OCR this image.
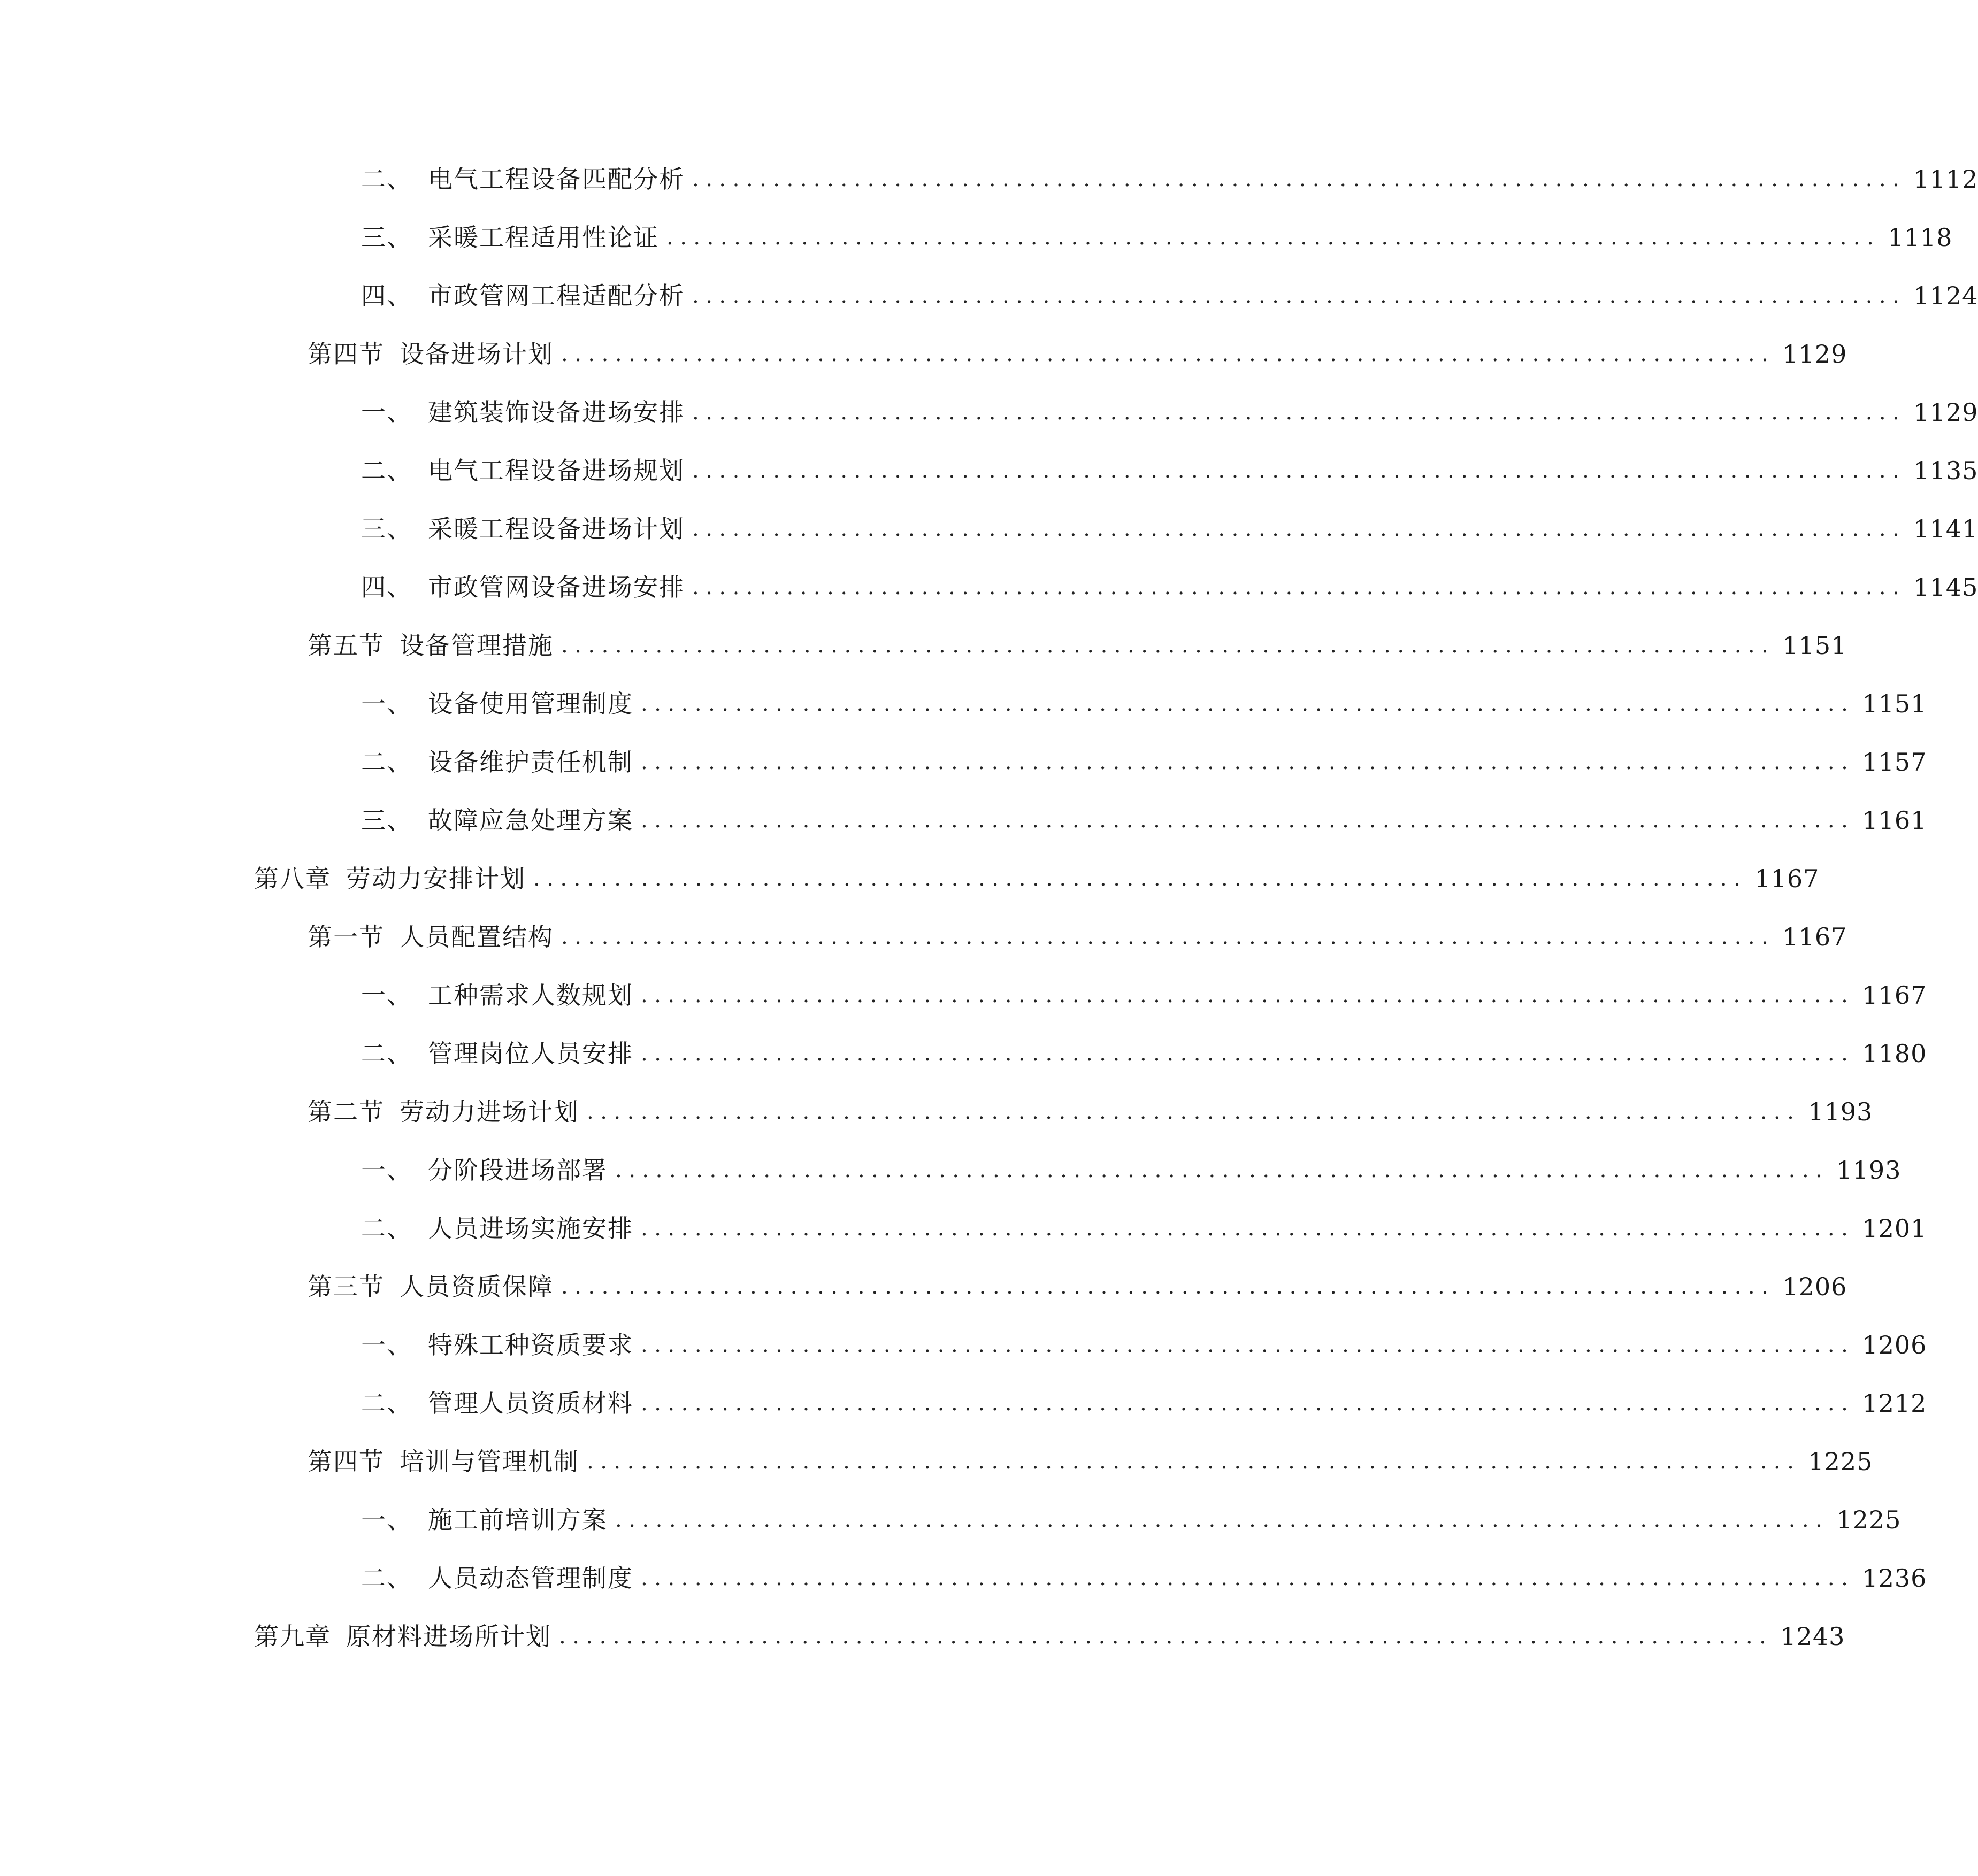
二、 电气工程设备匹配分析 .......................................................................................... 1112
三、 采暖工程适用性论证 .......................................................................................... 1118
四、 市政管网工程适配分析 .......................................................................................... 1124
第四节 设备进场计划 .......................................................................................... 1129
一、 建筑装饰设备进场安排 .......................................................................................... 1129
二、 电气工程设备进场规划 .......................................................................................... 1135
三、 采暖工程设备进场计划 .......................................................................................... 1141
四、 市政管网设备进场安排 .......................................................................................... 1145
第五节 设备管理措施 .......................................................................................... 1151
一、 设备使用管理制度 .......................................................................................... 1151
二、 设备维护责任机制 .......................................................................................... 1157
三、 故障应急处理方案 .......................................................................................... 1161
第八章 劳动力安排计划 .......................................................................................... 1167
第一节 人员配置结构 .......................................................................................... 1167
一、 工种需求人数规划 .......................................................................................... 1167
二、 管理岗位人员安排 .......................................................................................... 1180
第二节 劳动力进场计划 .......................................................................................... 1193
一、 分阶段进场部署 .......................................................................................... 1193
二、 人员进场实施安排 .......................................................................................... 1201
第三节 人员资质保障 .......................................................................................... 1206
一、 特殊工种资质要求 .......................................................................................... 1206
二、 管理人员资质材料 .......................................................................................... 1212
第四节 培训与管理机制 .......................................................................................... 1225
一、 施工前培训方案 .......................................................................................... 1225
二、 人员动态管理制度 .......................................................................................... 1236
第九章 原材料进场所计划 .......................................................................................... 1243
